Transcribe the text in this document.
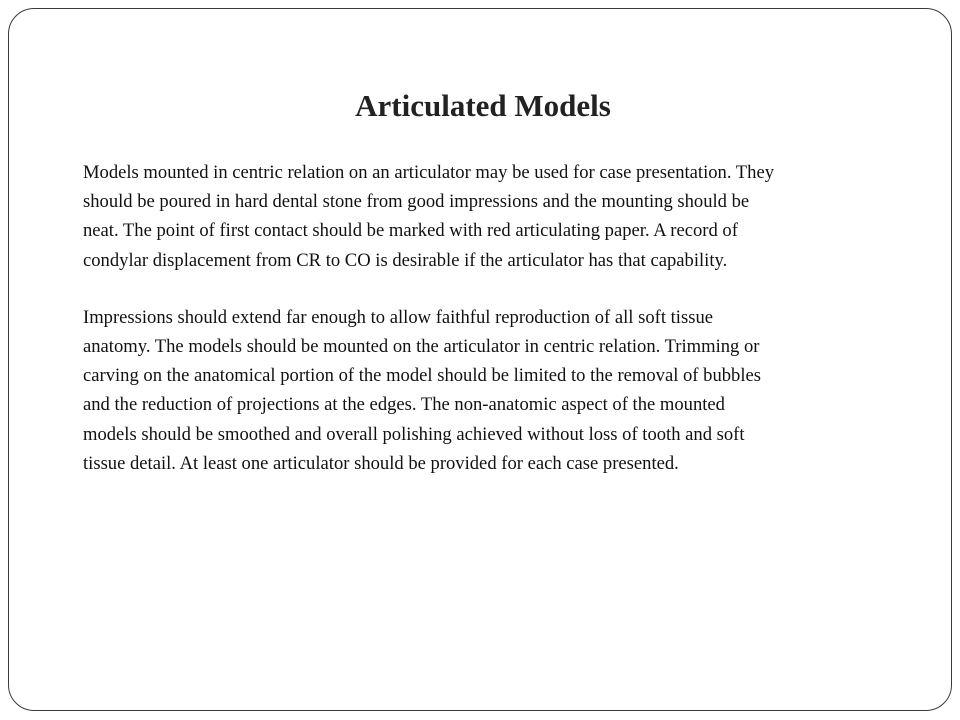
Articulated Models

Models mounted in centric relation on an articulator may be used for case presentation. They
should be poured in hard dental stone from good impressions and the mounting should be
neat. The point of first contact should be marked with red articulating paper. A record of
condylar displacement from CR to CO is desirable if the articulator has that capability.

Impressions should extend far enough to allow faithful reproduction of all soft tissue
anatomy. The models should be mounted on the articulator in centric relation. Trimming or
carving on the anatomical portion of the model should be limited to the removal of bubbles
and the reduction of projections at the edges. The non-anatomic aspect of the mounted
models should be smoothed and overall polishing achieved without loss of tooth and soft
tissue detail. At least one articulator should be provided for each case presented.
